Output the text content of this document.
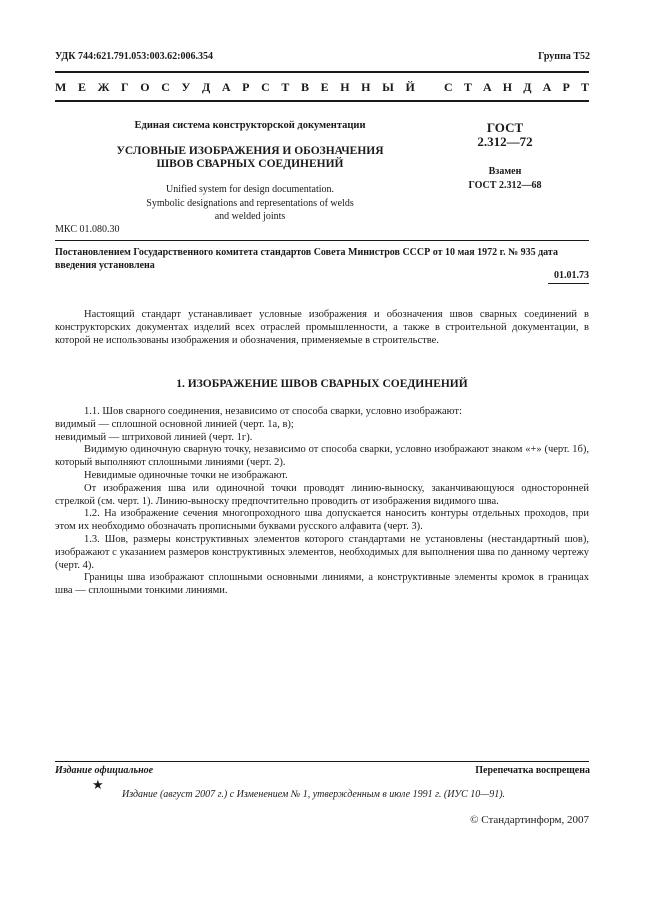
УДК 744:621.791.053:003.62:006.354	Группа Т52
М Е Ж Г О С У Д А Р С Т В Е Н Н Ы Й С Т А Н Д А Р Т
Единая система конструкторской документации
УСЛОВНЫЕ ИЗОБРАЖЕНИЯ И ОБОЗНАЧЕНИЯ
ШВОВ СВАРНЫХ СОЕДИНЕНИЙ
Unified system for design documentation.
Symbolic designations and representations of welds
and welded joints
ГОСТ
2.312—72
Взамен
ГОСТ 2.312—68
МКС 01.080.30
Постановлением Государственного комитета стандартов Совета Министров СССР от 10 мая 1972 г. № 935 дата введения установлена
01.01.73

Настоящий стандарт устанавливает условные изображения и обозначения швов сварных соединений в конструкторских документах изделий всех отраслей промышленности, а также в строительной документации, в которой не использованы изображения и обозначения, применяемые в строительстве.

1. ИЗОБРАЖЕНИЕ ШВОВ СВАРНЫХ СОЕДИНЕНИЙ

1.1. Шов сварного соединения, независимо от способа сварки, условно изображают:

видимый — сплошной основной линией (черт. 1а, в);

невидимый — штриховой линией (черт. 1г).

Видимую одиночную сварную точку, независимо от способа сварки, условно изображают знаком «+» (черт. 1б), который выполняют сплошными линиями (черт. 2).

Невидимые одиночные точки не изображают.

От изображения шва или одиночной точки проводят линию-выноску, заканчивающуюся односторонней стрелкой (см. черт. 1). Линию-выноску предпочтительно проводить от изображения видимого шва.

1.2. На изображение сечения многопроходного шва допускается наносить контуры отдельных проходов, при этом их необходимо обозначать прописными буквами русского алфавита (черт. 3).

1.3. Шов, размеры конструктивных элементов которого стандартами не установлены (нестандартный шов), изображают с указанием размеров конструктивных элементов, необходимых для выполнения шва по данному чертежу (черт. 4).

Границы шва изображают сплошными основными линиями, а конструктивные элементы кромок в границах шва — сплошными тонкими линиями.

Издание официальное	Перепечатка воспрещена
★
Издание (август 2007 г.) с Изменением № 1, утвержденным в июле 1991 г. (ИУС 10—91).
© Стандартинформ, 2007
